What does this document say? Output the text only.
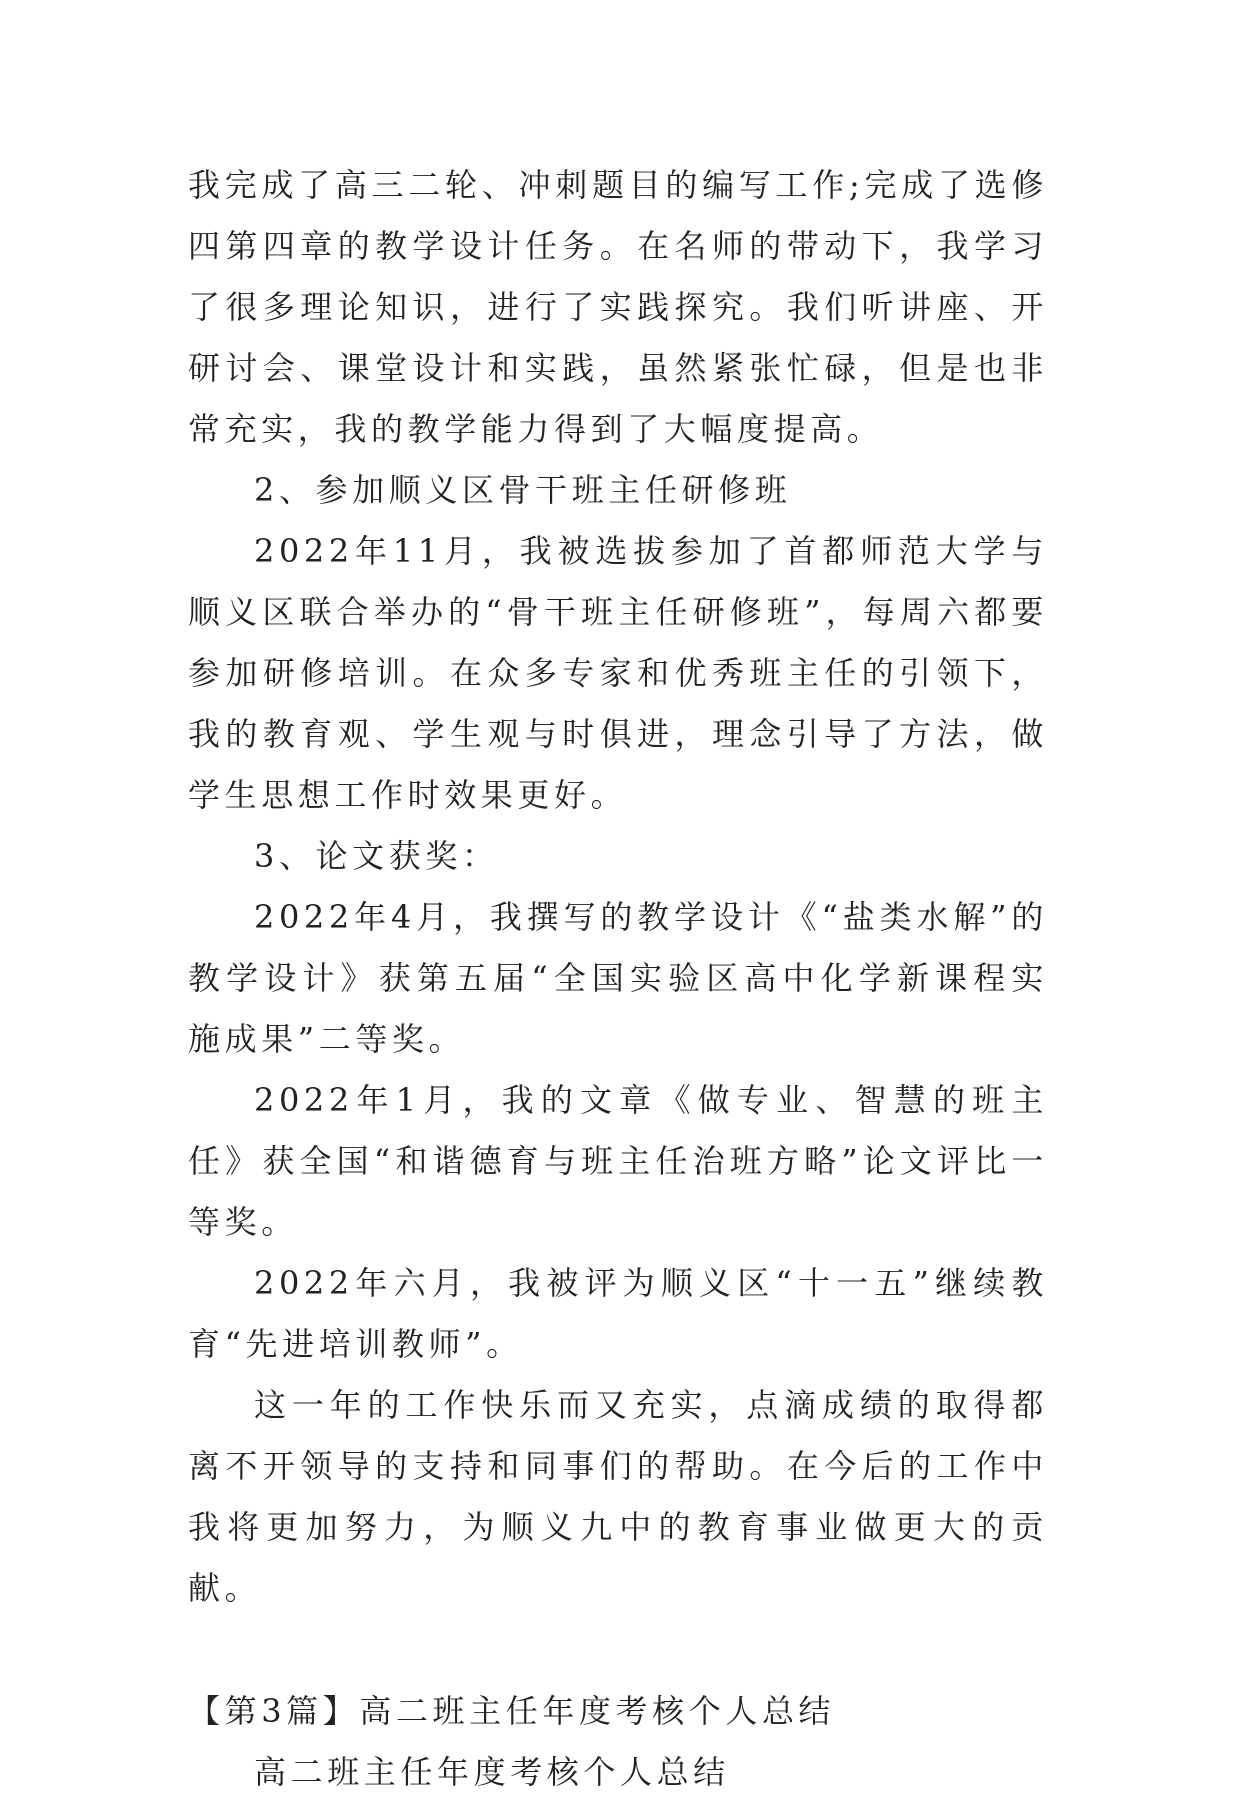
我完成了高三二轮、冲刺题目的编写工作;完成了选修四第四章的教学设计任务。在名师的带动下，我学习了很多理论知识，进行了实践探究。我们听讲座、开研讨会、课堂设计和实践，虽然紧张忙碌，但是也非常充实，我的教学能力得到了大幅度提高。

2、参加顺义区骨干班主任研修班

2022年11月，我被选拔参加了首都师范大学与顺义区联合举办的“骨干班主任研修班”，每周六都要参加研修培训。在众多专家和优秀班主任的引领下，我的教育观、学生观与时俱进，理念引导了方法，做学生思想工作时效果更好。

3、论文获奖：

2022年4月，我撰写的教学设计《“盐类水解”的教学设计》获第五届“全国实验区高中化学新课程实施成果”二等奖。

2022年1月，我的文章《做专业、智慧的班主任》获全国“和谐德育与班主任治班方略”论文评比一等奖。

2022年六月，我被评为顺义区“十一五”继续教育“先进培训教师”。

这一年的工作快乐而又充实，点滴成绩的取得都离不开领导的支持和同事们的帮助。在今后的工作中我将更加努力，为顺义九中的教育事业做更大的贡献。

【第3篇】高二班主任年度考核个人总结

高二班主任年度考核个人总结
